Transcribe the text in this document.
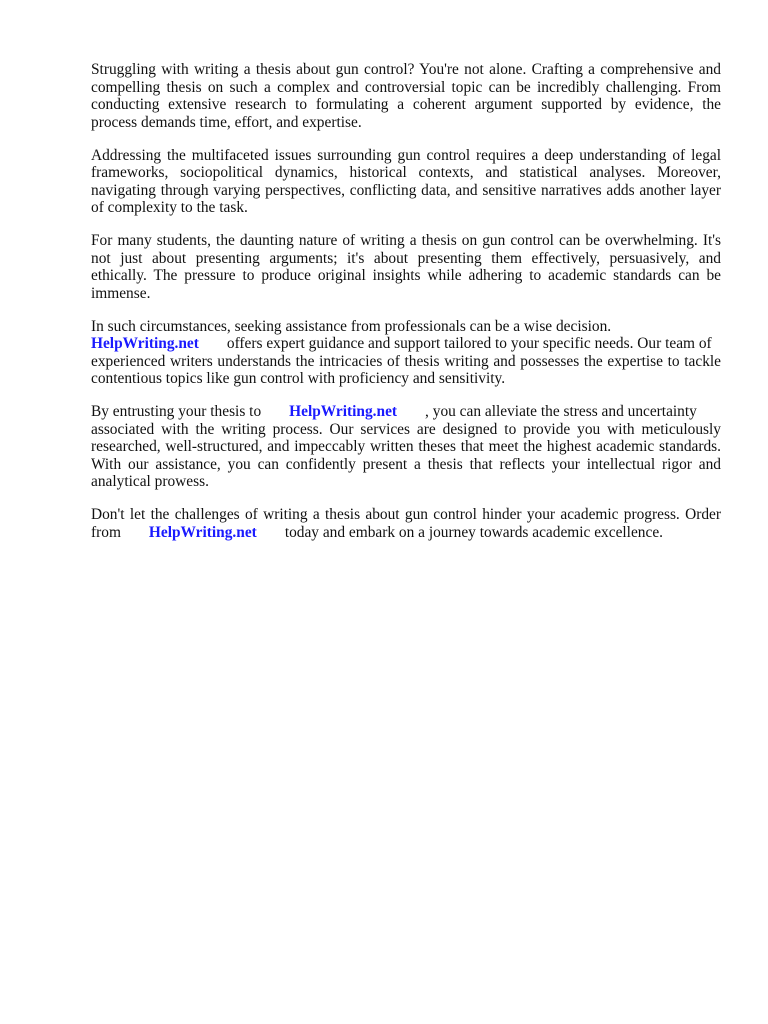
Struggling with writing a thesis about gun control? You're not alone. Crafting a comprehensive and
compelling thesis on such a complex and controversial topic can be incredibly challenging. From
conducting extensive research to formulating a coherent argument supported by evidence, the
process demands time, effort, and expertise.

Addressing the multifaceted issues surrounding gun control requires a deep understanding of legal
frameworks, sociopolitical dynamics, historical contexts, and statistical analyses. Moreover,
navigating through varying perspectives, conflicting data, and sensitive narratives adds another layer
of complexity to the task.

For many students, the daunting nature of writing a thesis on gun control can be overwhelming. It's
not just about presenting arguments; it's about presenting them effectively, persuasively, and
ethically. The pressure to produce original insights while adhering to academic standards can be
immense.

In such circumstances, seeking assistance from professionals can be a wise decision.
HelpWriting.net offers expert guidance and support tailored to your specific needs. Our team of
experienced writers understands the intricacies of thesis writing and possesses the expertise to tackle
contentious topics like gun control with proficiency and sensitivity.

By entrusting your thesis to HelpWriting.net , you can alleviate the stress and uncertainty
associated with the writing process. Our services are designed to provide you with meticulously
researched, well-structured, and impeccably written theses that meet the highest academic standards.
With our assistance, you can confidently present a thesis that reflects your intellectual rigor and
analytical prowess.

Don't let the challenges of writing a thesis about gun control hinder your academic progress. Order
from HelpWriting.net today and embark on a journey towards academic excellence.
